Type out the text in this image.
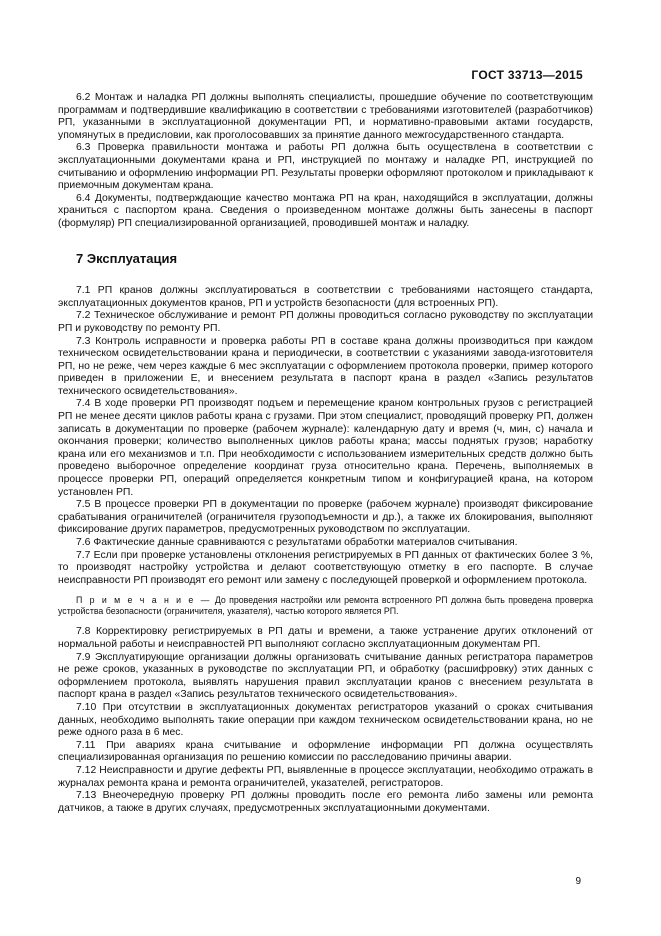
ГОСТ 33713—2015

6.2 Монтаж и наладка РП должны выполнять специалисты, прошедшие обучение по соответствующим программам и подтвердившие квалификацию в соответствии с требованиями изготовителей (разработчиков) РП, указанными в эксплуатационной документации РП, и нормативно-правовыми актами государств, упомянутых в предисловии, как проголосовавших за принятие данного межгосударственного стандарта.

6.3 Проверка правильности монтажа и работы РП должна быть осуществлена в соответствии с эксплуатационными документами крана и РП, инструкцией по монтажу и наладке РП, инструкцией по считыванию и оформлению информации РП. Результаты проверки оформляют протоколом и прикладывают к приемочным документам крана.

6.4 Документы, подтверждающие качество монтажа РП на кран, находящийся в эксплуатации, должны храниться с паспортом крана. Сведения о произведенном монтаже должны быть занесены в паспорт (формуляр) РП специализированной организацией, проводившей монтаж и наладку.

7 Эксплуатация

7.1 РП кранов должны эксплуатироваться в соответствии с требованиями настоящего стандарта, эксплуатационных документов кранов, РП и устройств безопасности (для встроенных РП).

7.2 Техническое обслуживание и ремонт РП должны проводиться согласно руководству по эксплуатации РП и руководству по ремонту РП.

7.3 Контроль исправности и проверка работы РП в составе крана должны производиться при каждом техническом освидетельствовании крана и периодически, в соответствии с указаниями завода-изготовителя РП, но не реже, чем через каждые 6 мес эксплуатации с оформлением протокола проверки, пример которого приведен в приложении Е, и внесением результата в паспорт крана в раздел «Запись результатов технического освидетельствования».

7.4 В ходе проверки РП производят подъем и перемещение краном контрольных грузов с регистрацией РП не менее десяти циклов работы крана с грузами. При этом специалист, проводящий проверку РП, должен записать в документации по проверке (рабочем журнале): календарную дату и время (ч, мин, с) начала и окончания проверки; количество выполненных циклов работы крана; массы поднятых грузов; наработку крана или его механизмов и т.п. При необходимости с использованием измерительных средств должно быть проведено выборочное определение координат груза относительно крана. Перечень, выполняемых в процессе проверки РП, операций определяется конкретным типом и конфигурацией крана, на котором установлен РП.

7.5 В процессе проверки РП в документации по проверке (рабочем журнале) производят фиксирование срабатывания ограничителей (ограничителя грузоподъемности и др.), а также их блокирования, выполняют фиксирование других параметров, предусмотренных руководством по эксплуатации.

7.6 Фактические данные сравниваются с результатами обработки материалов считывания.

7.7 Если при проверке установлены отклонения регистрируемых в РП данных от фактических более 3 %, то производят настройку устройства и делают соответствующую отметку в его паспорте. В случае неисправности РП производят его ремонт или замену с последующей проверкой и оформлением протокола.

П р и м е ч а н и е — До проведения настройки или ремонта встроенного РП должна быть проведена проверка устройства безопасности (ограничителя, указателя), частью которого является РП.

7.8 Корректировку регистрируемых в РП даты и времени, а также устранение других отклонений от нормальной работы и неисправностей РП выполняют согласно эксплуатационным документам РП.

7.9 Эксплуатирующие организации должны организовать считывание данных регистратора параметров не реже сроков, указанных в руководстве по эксплуатации РП, и обработку (расшифровку) этих данных с оформлением протокола, выявлять нарушения правил эксплуатации кранов с внесением результата в паспорт крана в раздел «Запись результатов технического освидетельствования».

7.10 При отсутствии в эксплуатационных документах регистраторов указаний о сроках считывания данных, необходимо выполнять такие операции при каждом техническом освидетельствовании крана, но не реже одного раза в 6 мес.

7.11 При авариях крана считывание и оформление информации РП должна осуществлять специализированная организация по решению комиссии по расследованию причины аварии.

7.12 Неисправности и другие дефекты РП, выявленные в процессе эксплуатации, необходимо отражать в журналах ремонта крана и ремонта ограничителей, указателей, регистраторов.

7.13 Внеочередную проверку РП должны проводить после его ремонта либо замены или ремонта датчиков, а также в других случаях, предусмотренных эксплуатационными документами.

9
